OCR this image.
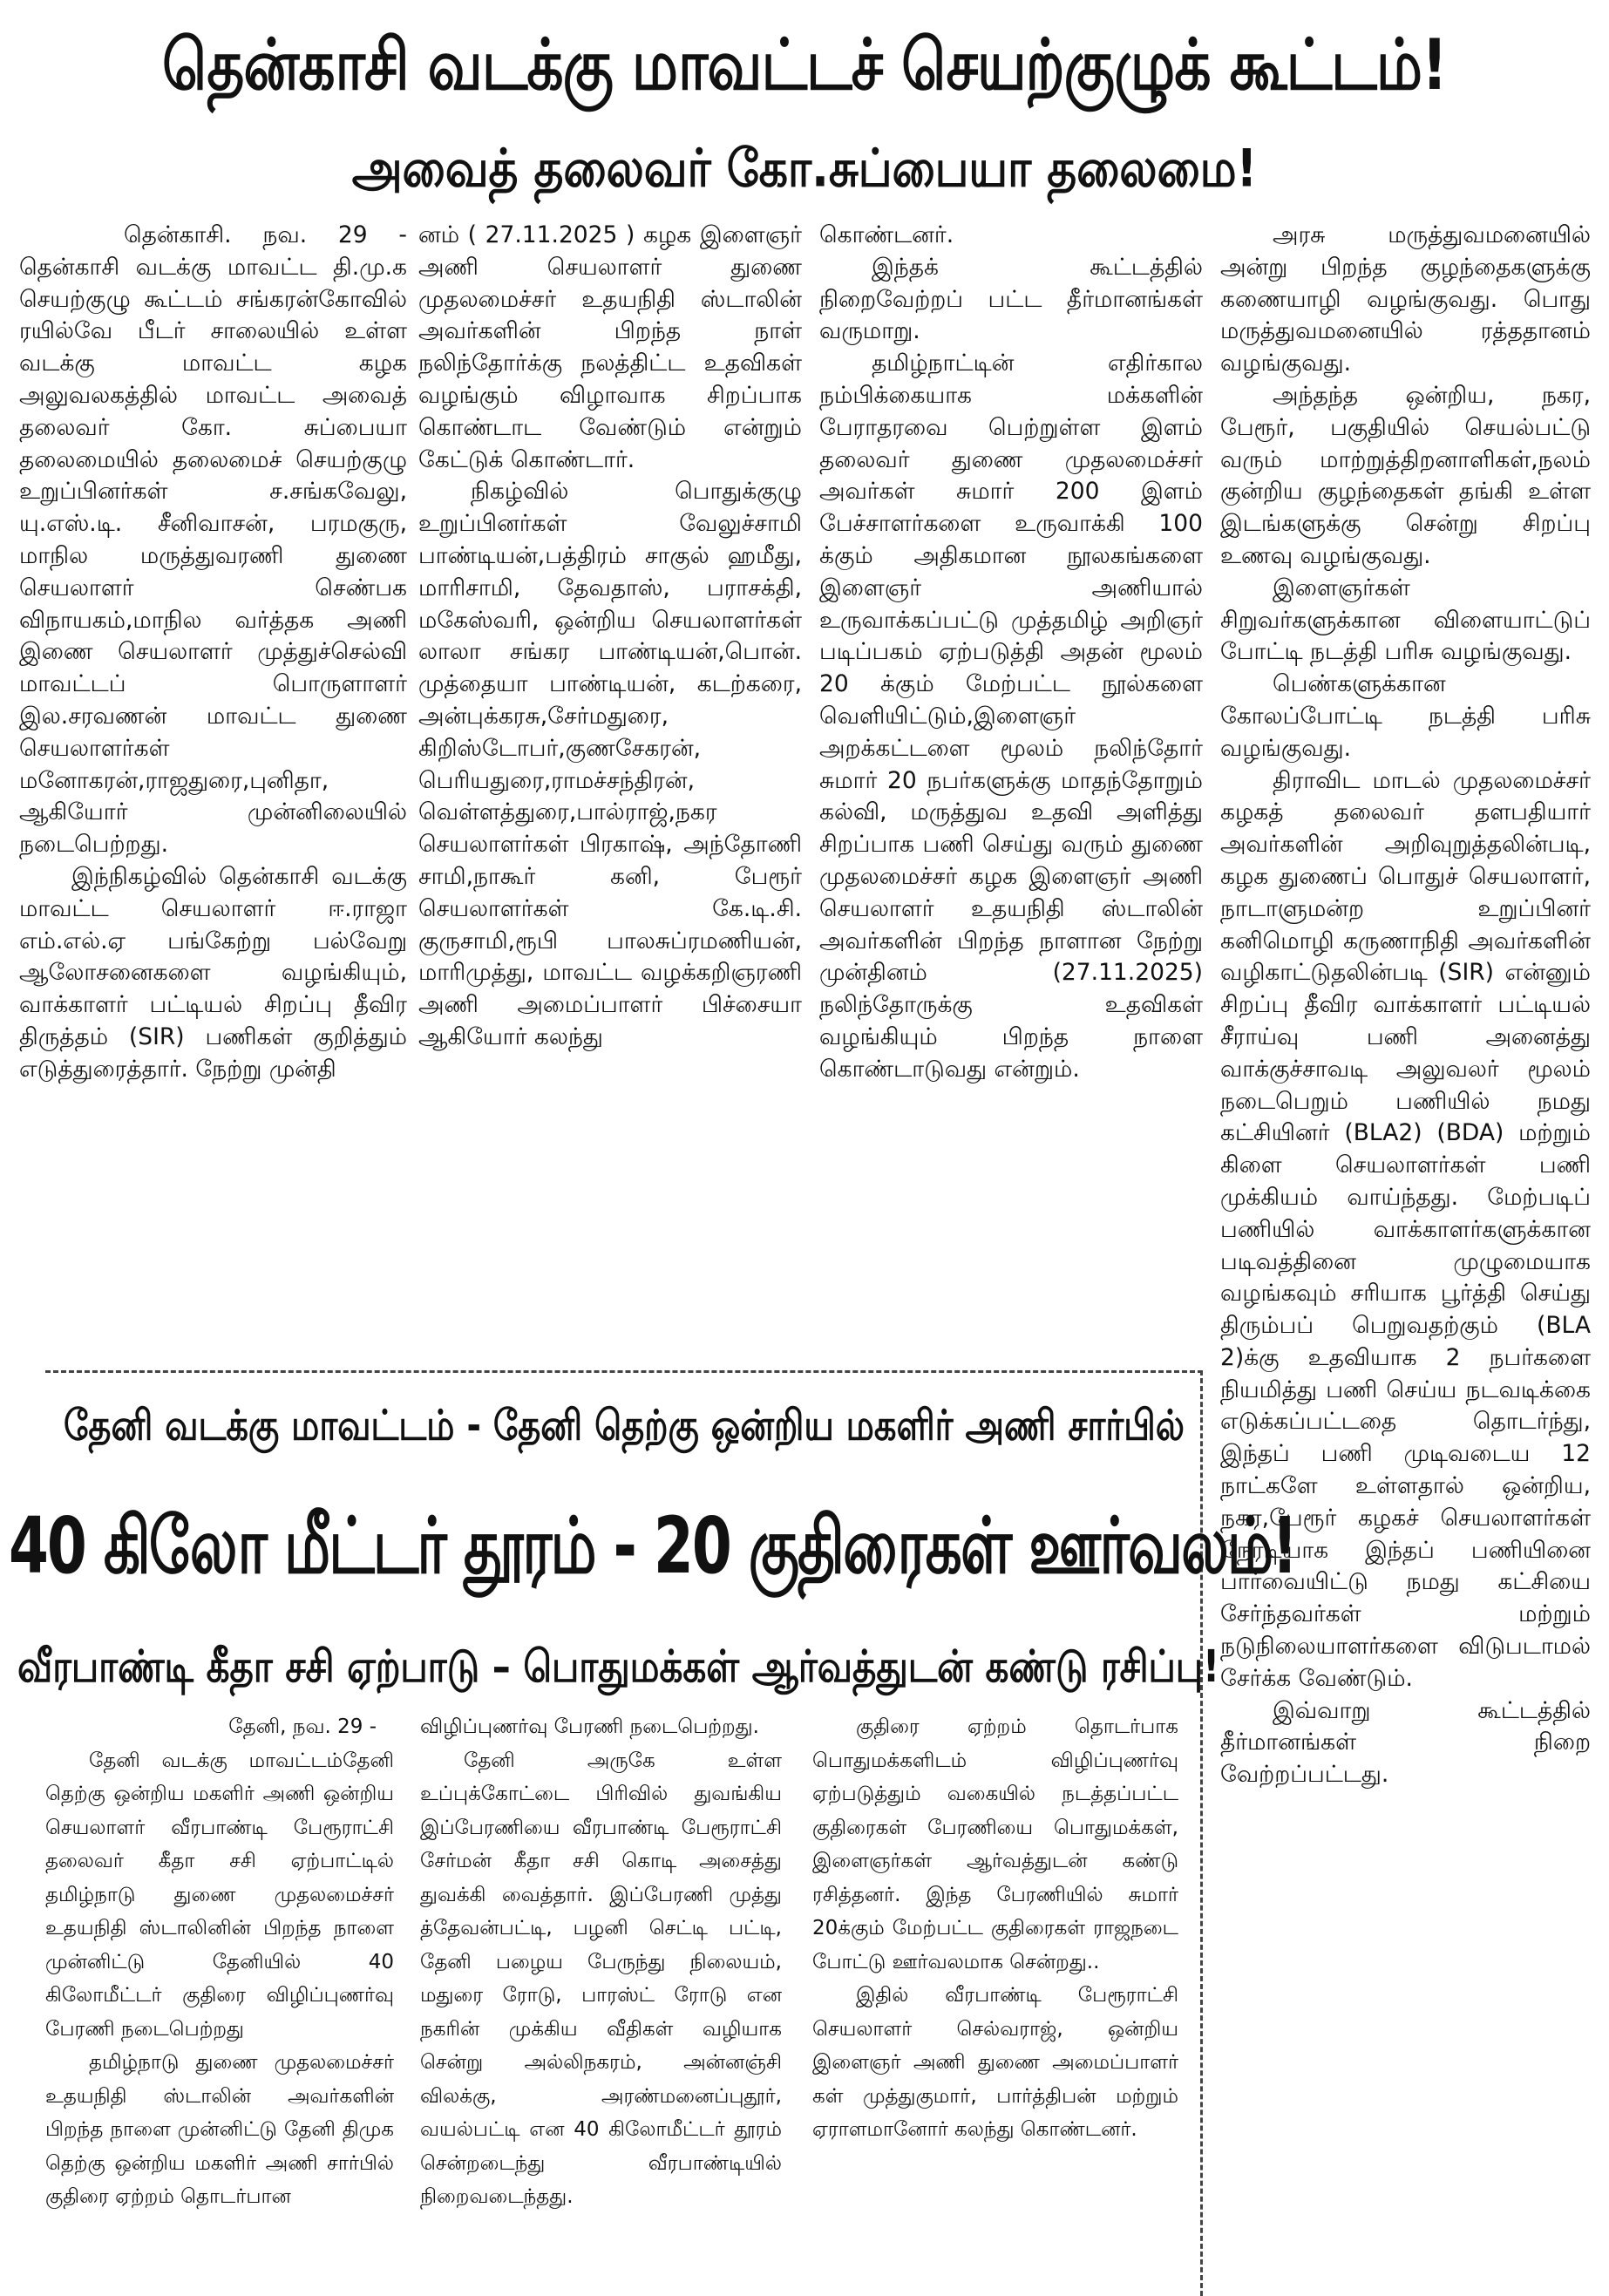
தென்காசி வடக்கு மாவட்டச் செயற்குழுக் கூட்டம்!
அவைத் தலைவர் கோ.சுப்பையா தலைமை!

தென்காசி. நவ. 29 - தென்காசி வடக்கு மாவட்ட தி.மு.க செயற்குழு கூட்டம் சங்கரன்கோவில் ரயில்வே பீடர் சாலையில் உள்ள வடக்கு மாவட்ட கழக அலுவலகத்தில் மாவட்ட அவைத் தலைவர் கோ. சுப்பையா தலைமையில் தலைமைச் செயற்குழு உறுப்பினர்கள் ச.சங்கவேலு, யு.எஸ்.டி. சீனிவாசன், பரமகுரு, மாநில மருத்துவரணி துணை செயலாளர் செண்பக விநாயகம்,மாநில வர்த்தக அணி இணை செயலாளர் முத்துச்செல்வி மாவட்டப் பொருளாளர் இல.சரவணன் மாவட்ட துணை செயலாளர்கள் மனோகரன்,ராஜதுரை,புனிதா, ஆகியோர் முன்னிலையில் நடைபெற்றது.

இந்நிகழ்வில் தென்காசி வடக்கு மாவட்ட செயலாளர் ஈ.ராஜா எம்.எல்.ஏ பங்கேற்று பல்வேறு ஆலோசனைகளை வழங்கியும், வாக்காளர் பட்டியல் சிறப்பு தீவிர திருத்தம் (SIR) பணிகள் குறித்தும் எடுத்துரைத்தார். நேற்று முன்தி

னம் ( 27.11.2025 ) கழக இளைஞர் அணி செயலாளர் துணை முதலமைச்சர் உதயநிதி ஸ்டாலின் அவர்களின் பிறந்த நாள் நலிந்தோர்க்கு நலத்திட்ட உதவிகள் வழங்கும் விழாவாக சிறப்பாக கொண்டாட வேண்டும் என்றும் கேட்டுக் கொண்டார்.

நிகழ்வில் பொதுக்குழு உறுப்பினர்கள் வேலுச்சாமி பாண்டியன்,பத்திரம் சாகுல் ஹமீது, மாரிசாமி, தேவதாஸ், பராசக்தி, மகேஸ்வரி, ஒன்றிய செயலாளர்கள் லாலா சங்கர பாண்டியன்,பொன். முத்தையா பாண்டியன், கடற்கரை, அன்புக்கரசு,சேர்மதுரை, கிறிஸ்டோபர்,குணசேகரன், பெரியதுரை,ராமச்சந்திரன், வெள்ளத்துரை,பால்ராஜ்,நகர செயலாளர்கள் பிரகாஷ், அந்தோணி சாமி,நாகூர் கனி, பேரூர் செயலாளர்கள் கே.டி.சி. குருசாமி,ரூபி பாலசுப்ரமணியன், மாரிமுத்து, மாவட்ட வழக்கறிஞரணி அணி அமைப்பாளர் பிச்சையா ஆகியோர் கலந்து

கொண்டனர்.

இந்தக் கூட்டத்தில் நிறைவேற்றப் பட்ட தீர்மானங்கள் வருமாறு.

தமிழ்நாட்டின் எதிர்கால நம்பிக்கையாக மக்களின் பேராதரவை பெற்றுள்ள இளம் தலைவர் துணை முதலமைச்சர் அவர்கள் சுமார் 200 இளம் பேச்சாளர்களை உருவாக்கி 100 க்கும் அதிகமான நூலகங்களை இளைஞர் அணியால் உருவாக்கப்பட்டு முத்தமிழ் அறிஞர் படிப்பகம் ஏற்படுத்தி அதன் மூலம் 20 க்கும் மேற்பட்ட நூல்களை வெளியிட்டும்,இளைஞர் அறக்கட்டளை மூலம் நலிந்தோர் சுமார் 20 நபர்களுக்கு மாதந்தோறும் கல்வி, மருத்துவ உதவி அளித்து சிறப்பாக பணி செய்து வரும் துணை முதலமைச்சர் கழக இளைஞர் அணி செயலாளர் உதயநிதி ஸ்டாலின் அவர்களின் பிறந்த நாளான நேற்று முன்தினம் (27.11.2025) நலிந்தோருக்கு உதவிகள் வழங்கியும் பிறந்த நாளை கொண்டாடுவது என்றும்.

அரசு மருத்துவமனையில் அன்று பிறந்த குழந்தைகளுக்கு கணையாழி வழங்குவது. பொது மருத்துவமனையில் ரத்ததானம் வழங்குவது.

அந்தந்த ஒன்றிய, நகர, பேரூர், பகுதியில் செயல்பட்டு வரும் மாற்றுத்திறனாளிகள்,நலம் குன்றிய குழந்தைகள் தங்கி உள்ள இடங்களுக்கு சென்று சிறப்பு உணவு வழங்குவது.

இளைஞர்கள் சிறுவர்களுக்கான விளையாட்டுப் போட்டி நடத்தி பரிசு வழங்குவது.

பெண்களுக்கான கோலப்போட்டி நடத்தி பரிசு வழங்குவது.

திராவிட மாடல் முதலமைச்சர் கழகத் தலைவர் தளபதியார் அவர்களின் அறிவுறுத்தலின்படி, கழக துணைப் பொதுச் செயலாளர், நாடாளுமன்ற உறுப்பினர் கனிமொழி கருணாநிதி அவர்களின் வழிகாட்டுதலின்படி (SIR) என்னும் சிறப்பு தீவிர வாக்காளர் பட்டியல் சீராய்வு பணி அனைத்து வாக்குச்சாவடி அலுவலர் மூலம் நடைபெறும் பணியில் நமது கட்சியினர் (BLA2) (BDA) மற்றும் கிளை செயலாளர்கள் பணி முக்கியம் வாய்ந்தது. மேற்படிப் பணியில் வாக்காளர்களுக்கான படிவத்தினை முழுமையாக வழங்கவும் சரியாக பூர்த்தி செய்து திரும்பப் பெறுவதற்கும் (BLA 2)க்கு உதவியாக 2 நபர்களை நியமித்து பணி செய்ய நடவடிக்கை எடுக்கப்பட்டதை தொடர்ந்து, இந்தப் பணி முடிவடைய 12 நாட்களே உள்ளதால் ஒன்றிய, நகர,பேரூர் கழகச் செயலாளர்கள் நேரடியாக இந்தப் பணியினை பார்வையிட்டு நமது கட்சியை சேர்ந்தவர்கள் மற்றும் நடுநிலையாளர்களை விடுபடாமல் சேர்க்க வேண்டும்.

இவ்வாறு கூட்டத்தில் தீர்மானங்கள் நிறை வேற்றப்பட்டது.

தேனி வடக்கு மாவட்டம் - தேனி தெற்கு ஒன்றிய மகளிர் அணி சார்பில்
40 கிலோ மீட்டர் தூரம் - 20 குதிரைகள் ஊர்வலம்!
வீரபாண்டி கீதா சசி ஏற்பாடு – பொதுமக்கள் ஆர்வத்துடன் கண்டு ரசிப்பு!

தேனி, நவ. 29 -

தேனி வடக்கு மாவட்டம்தேனி தெற்கு ஒன்றிய மகளிர் அணி ஒன்றிய செயலாளர் வீரபாண்டி பேரூராட்சி தலைவர் கீதா சசி ஏற்பாட்டில் தமிழ்நாடு துணை முதலமைச்சர் உதயநிதி ஸ்டாலினின் பிறந்த நாளை முன்னிட்டு தேனியில் 40 கிலோமீட்டர் குதிரை விழிப்புணர்வு பேரணி நடைபெற்றது

தமிழ்நாடு துணை முதலமைச்சர் உதயநிதி ஸ்டாலின் அவர்களின் பிறந்த நாளை முன்னிட்டு தேனி திமுக தெற்கு ஒன்றிய மகளிர் அணி சார்பில் குதிரை ஏற்றம் தொடர்பான

விழிப்புணர்வு பேரணி நடைபெற்றது.

தேனி அருகே உள்ள உப்புக்கோட்டை பிரிவில் துவங்கிய இப்பேரணியை வீரபாண்டி பேரூராட்சி சேர்மன் கீதா சசி கொடி அசைத்து துவக்கி வைத்தார். இப்பேரணி முத்து த்தேவன்பட்டி, பழனி செட்டி பட்டி, தேனி பழைய பேருந்து நிலையம், மதுரை ரோடு, பாரஸ்ட் ரோடு என நகரின் முக்கிய வீதிகள் வழியாக சென்று அல்லிநகரம், அன்னஞ்சி விலக்கு, அரண்மனைப்புதூர், வயல்பட்டி என 40 கிலோமீட்டர் தூரம் சென்றடைந்து வீரபாண்டியில் நிறைவடைந்தது.

குதிரை ஏற்றம் தொடர்பாக பொதுமக்களிடம் விழிப்புணர்வு ஏற்படுத்தும் வகையில் நடத்தப்பட்ட குதிரைகள் பேரணியை பொதுமக்கள், இளைஞர்கள் ஆர்வத்துடன் கண்டு ரசித்தனர். இந்த பேரணியில் சுமார் 20க்கும் மேற்பட்ட குதிரைகள் ராஜநடை போட்டு ஊர்வலமாக சென்றது..

இதில் வீரபாண்டி பேரூராட்சி செயலாளர் செல்வராஜ், ஒன்றிய இளைஞர் அணி துணை அமைப்பாளர் கள் முத்துகுமார், பார்த்திபன் மற்றும் ஏராளமானோர் கலந்து கொண்டனர்.
